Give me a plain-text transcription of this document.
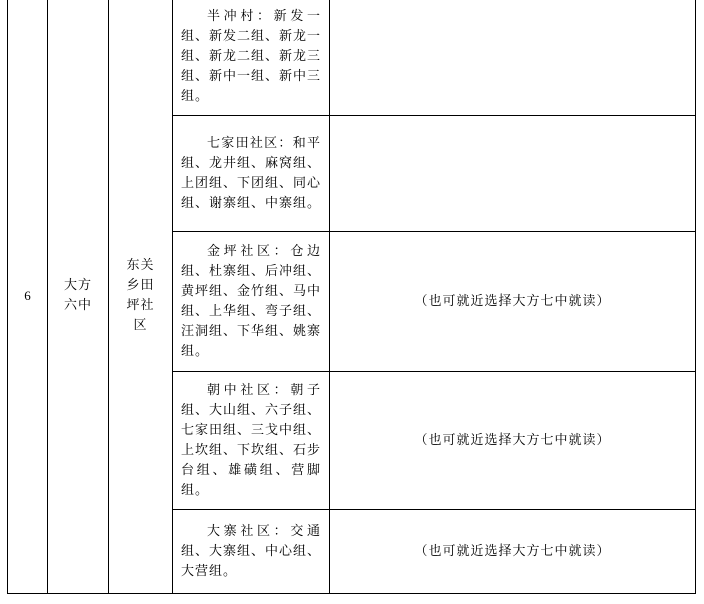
6	大方六中	东关乡田坪社区	半冲村：新发一组、新发二组、新龙一组、新龙二组、新龙三组、新中一组、新中三组。	

			七家田社区：和平组、龙井组、麻窝组、上团组、下团组、同心组、谢寨组、中寨组。	

			金坪社区：仓边组、杜寨组、后冲组、黄坪组、金竹组、马中组、上华组、弯子组、汪洞组、下华组、姚寨组。	（也可就近选择大方七中就读）

			朝中社区：朝子组、大山组、六子组、七家田组、三戈中组、上坎组、下坎组、石步台组、雄磺组、营脚组。	（也可就近选择大方七中就读）

			大寨社区：交通组、大寨组、中心组、大营组。	（也可就近选择大方七中就读）
